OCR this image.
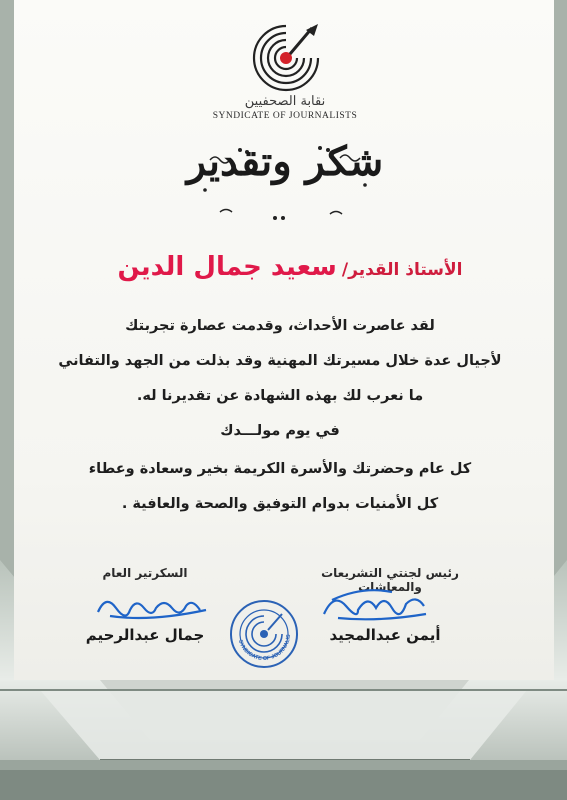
نقابة الصحفيين
SYNDICATE OF JOURNALISTS
شكر وتقدير
الأستاذ القدير/ سعيد جمال الدين
لقد عاصرت الأحداث، وقدمت عصارة تجربتك
لأجيال عدة خلال مسيرتك المهنية وقد بذلت من الجهد والتفاني
ما نعرب لك بهذه الشهادة عن تقديرنا له.
في يوم مولـــدك
كل عام وحضرتك والأسرة الكريمة بخير وسعادة وعطاء
كل الأمنيات بدوام التوفيق والصحة والعافية .
السكرتير العام	رئيس لجنتي التشريعات والمعاشات
جمال عبدالرحيم	أيمن عبدالمجيد
SYNDICATE OF JOURNALIS
